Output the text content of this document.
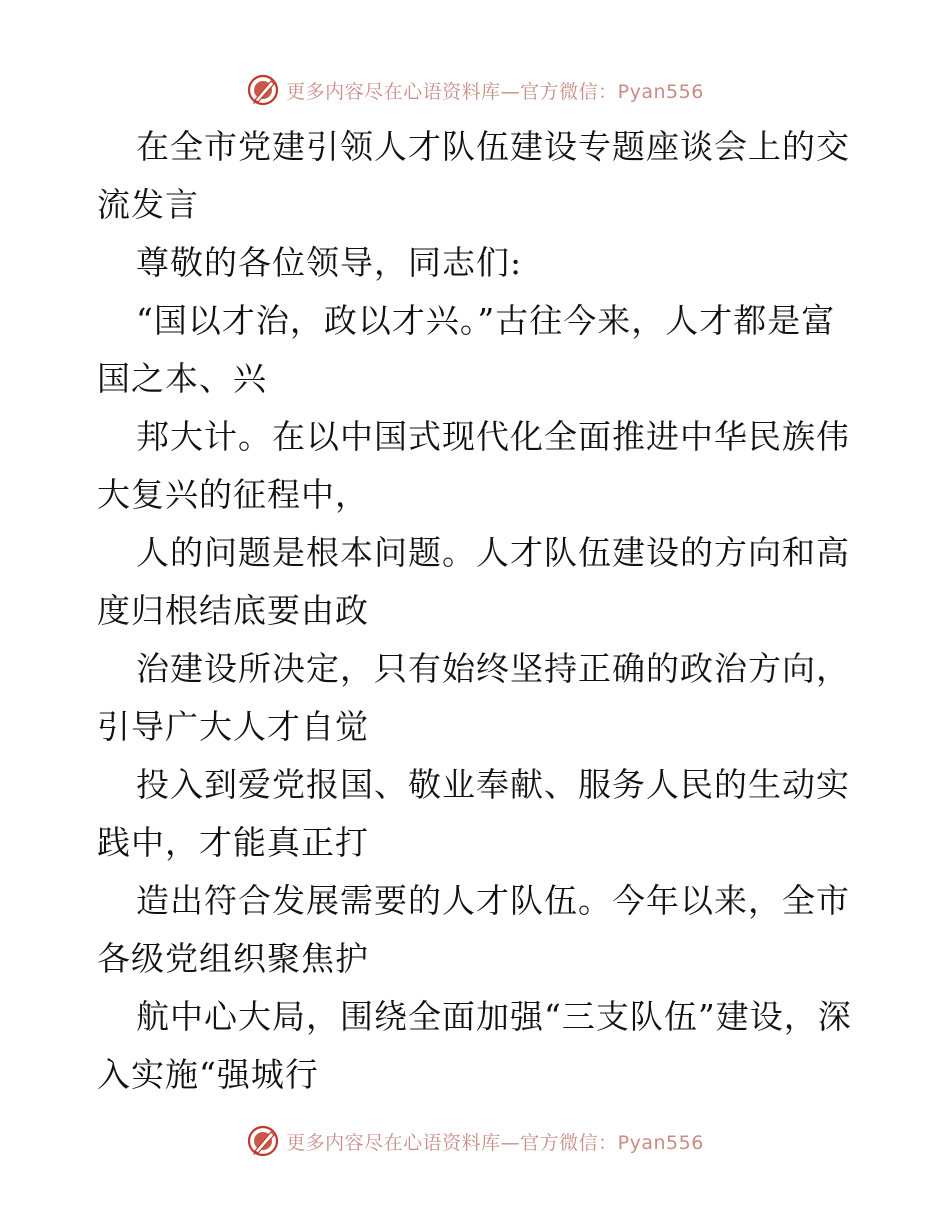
更多内容尽在心语资料库—官方微信：Pyan556

在全市党建引领人才队伍建设专题座谈会上的交流发言

尊敬的各位领导，同志们:

“国以才治，政以才兴。”古往今来，人才都是富国之本、兴

邦大计。在以中国式现代化全面推进中华民族伟大复兴的征程中，

人的问题是根本问题。人才队伍建设的方向和高度归根结底要由政

治建设所决定，只有始终坚持正确的政治方向，引导广大人才自觉

投入到爱党报国、敬业奉献、服务人民的生动实践中，才能真正打

造出符合发展需要的人才队伍。今年以来，全市各级党组织聚焦护

航中心大局，围绕全面加强“三支队伍”建设，深入实施“强城行

更多内容尽在心语资料库—官方微信：Pyan556
